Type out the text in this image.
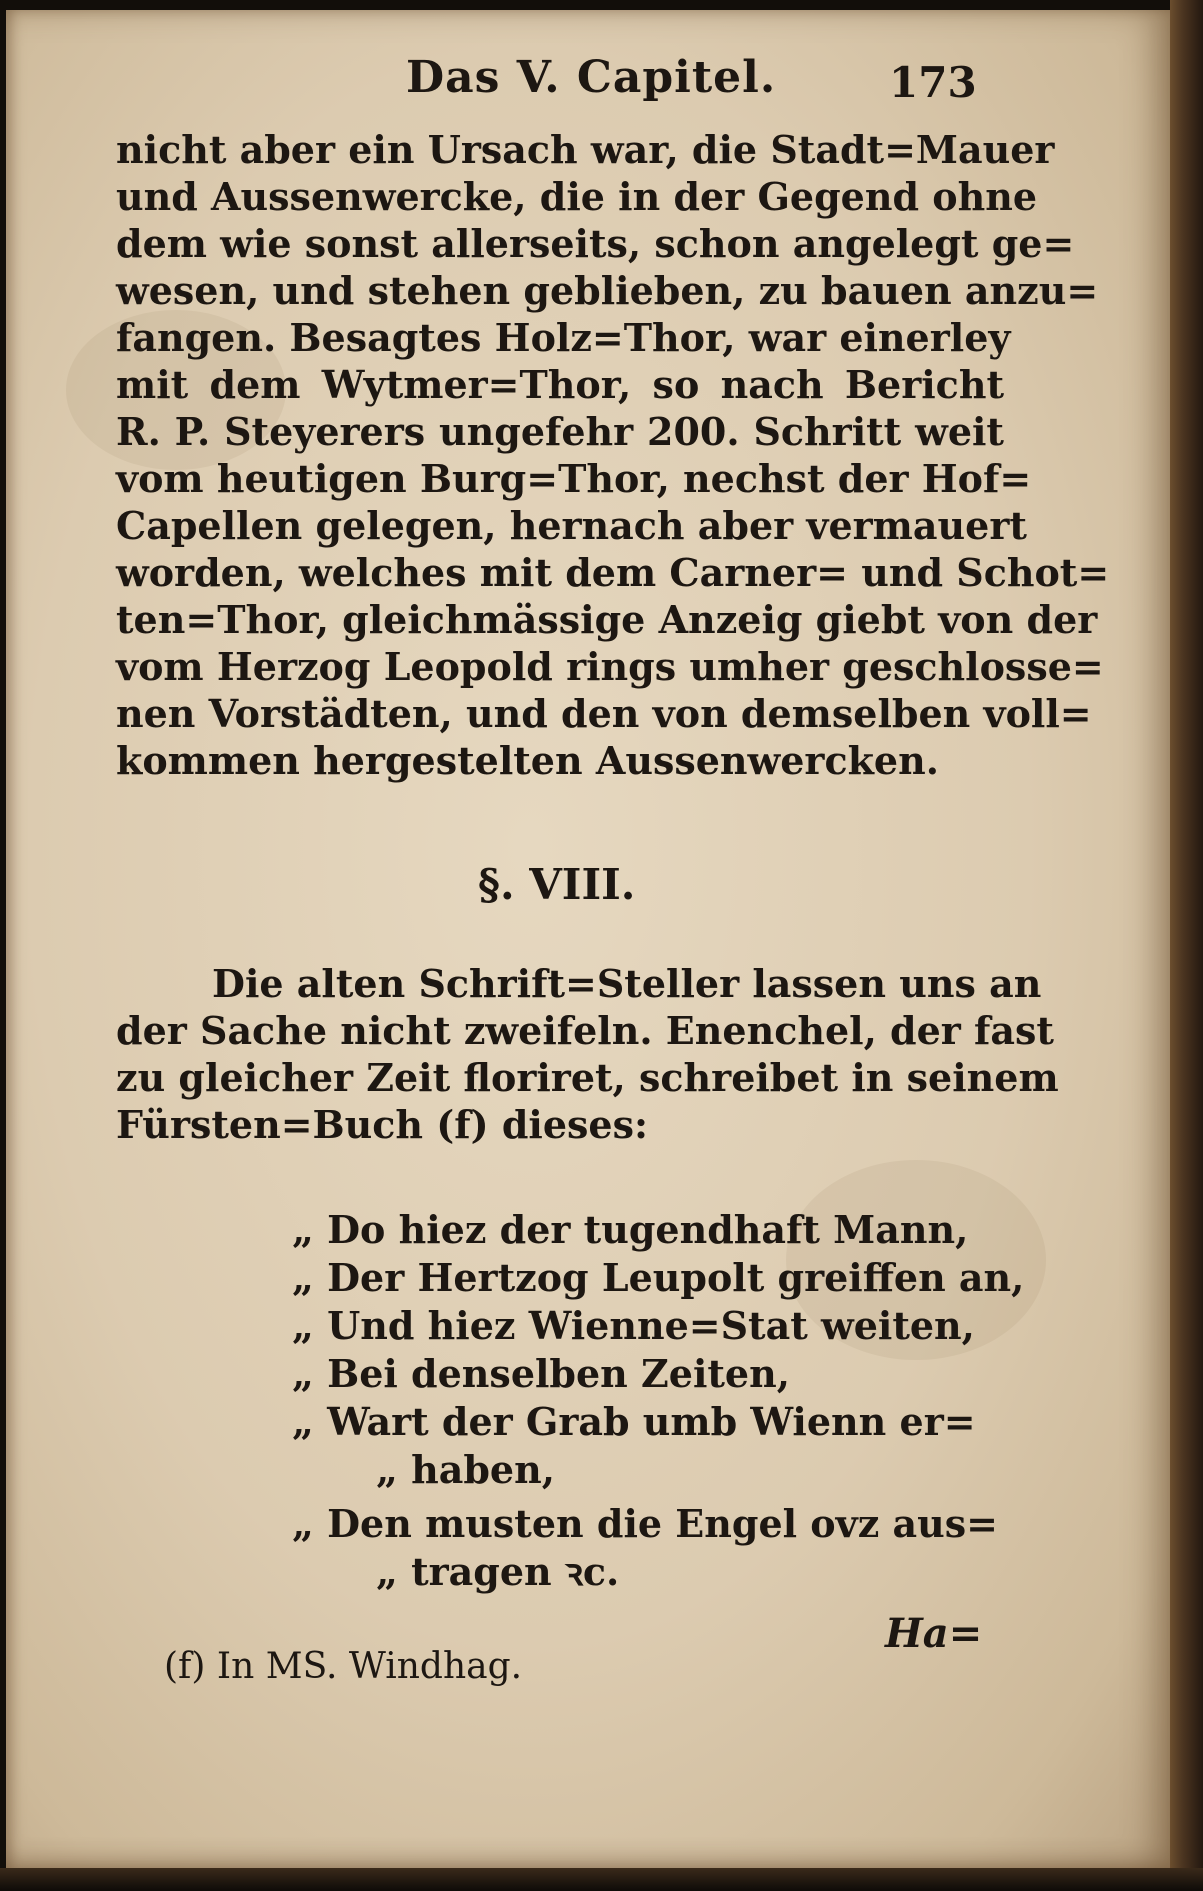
Das V. Capitel.	173
nicht aber ein Ursach war, die Stadt=Mauer
und Aussenwercke, die in der Gegend ohne
dem wie sonst allerseits, schon angelegt ge=
wesen, und stehen geblieben, zu bauen anzu=
fangen. Besagtes Holz=Thor, war einerley
mit dem Wytmer=Thor, so nach Bericht
R. P. Steyerers ungefehr 200. Schritt weit
vom heutigen Burg=Thor, nechst der Hof=
Capellen gelegen, hernach aber vermauert
worden, welches mit dem Carner= und Schot=
ten=Thor, gleichmässige Anzeig giebt von der
vom Herzog Leopold rings umher geschlosse=
nen Vorstädten, und den von demselben voll=
kommen hergestelten Aussenwercken.
§. VIII.
Die alten Schrift=Steller lassen uns an
der Sache nicht zweifeln. Enenchel, der fast
zu gleicher Zeit floriret, schreibet in seinem
Fürsten=Buch (f) dieses:
„ Do hiez der tugendhaft Mann,
„ Der Hertzog Leupolt greiffen an,
„ Und hiez Wienne=Stat weiten,
„ Bei denselben Zeiten,
„ Wart der Grab umb Wienn er=
„ haben,
„ Den musten die Engel ovz aus=
„ tragen ꝛc.
Ha=
(f) In MS. Windhag.
